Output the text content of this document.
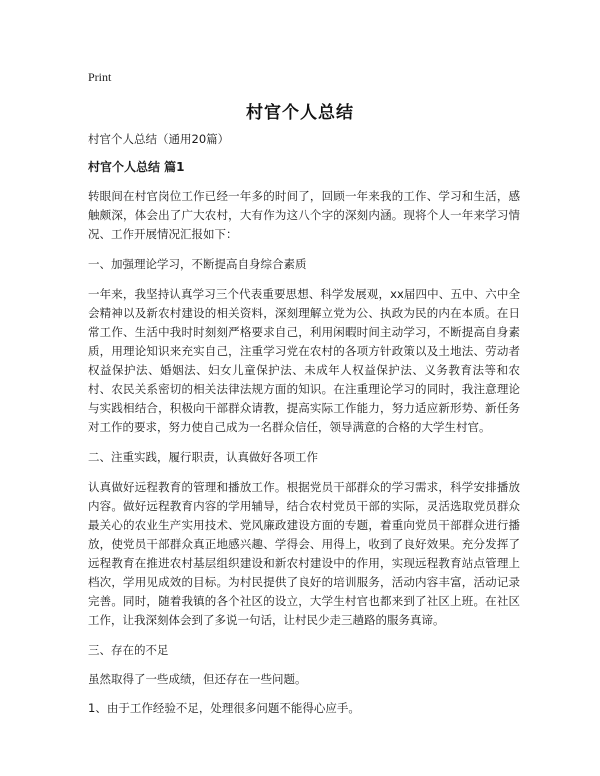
Print
村官个人总结
村官个人总结（通用20篇）
村官个人总结 篇1

转眼间在村官岗位工作已经一年多的时间了，回顾一年来我的工作、学习和生活，感触颇深，体会出了广大农村，大有作为这八个字的深刻内涵。现将个人一年来学习情况、工作开展情况汇报如下：

一、加强理论学习，不断提高自身综合素质

一年来，我坚持认真学习三个代表重要思想、科学发展观，xx届四中、五中、六中全会精神以及新农村建设的相关资料，深刻理解立党为公、执政为民的内在本质。在日常工作、生活中我时时刻刻严格要求自己，利用闲暇时间主动学习，不断提高自身素质，用理论知识来充实自己，注重学习党在农村的各项方针政策以及土地法、劳动者权益保护法、婚姻法、妇女儿童保护法、未成年人权益保护法、义务教育法等和农村、农民关系密切的相关法律法规方面的知识。在注重理论学习的同时，我注意理论与实践相结合，积极向干部群众请教，提高实际工作能力，努力适应新形势、新任务对工作的要求，努力使自己成为一名群众信任，领导满意的合格的大学生村官。

二、注重实践，履行职责，认真做好各项工作

认真做好远程教育的管理和播放工作。根据党员干部群众的学习需求，科学安排播放内容。做好远程教育内容的学用辅导，结合农村党员干部的实际，灵活选取党员群众最关心的农业生产实用技术、党风廉政建设方面的专题，着重向党员干部群众进行播放，使党员干部群众真正地感兴趣、学得会、用得上，收到了良好效果。充分发挥了远程教育在推进农村基层组织建设和新农村建设中的作用，实现远程教育站点管理上档次，学用见成效的目标。为村民提供了良好的培训服务，活动内容丰富，活动记录完善。同时，随着我镇的各个社区的设立，大学生村官也都来到了社区上班。在社区工作，让我深刻体会到了多说一句话，让村民少走三趟路的服务真谛。

三、存在的不足

虽然取得了一些成绩，但还存在一些问题。

1、由于工作经验不足，处理很多问题不能得心应手。
